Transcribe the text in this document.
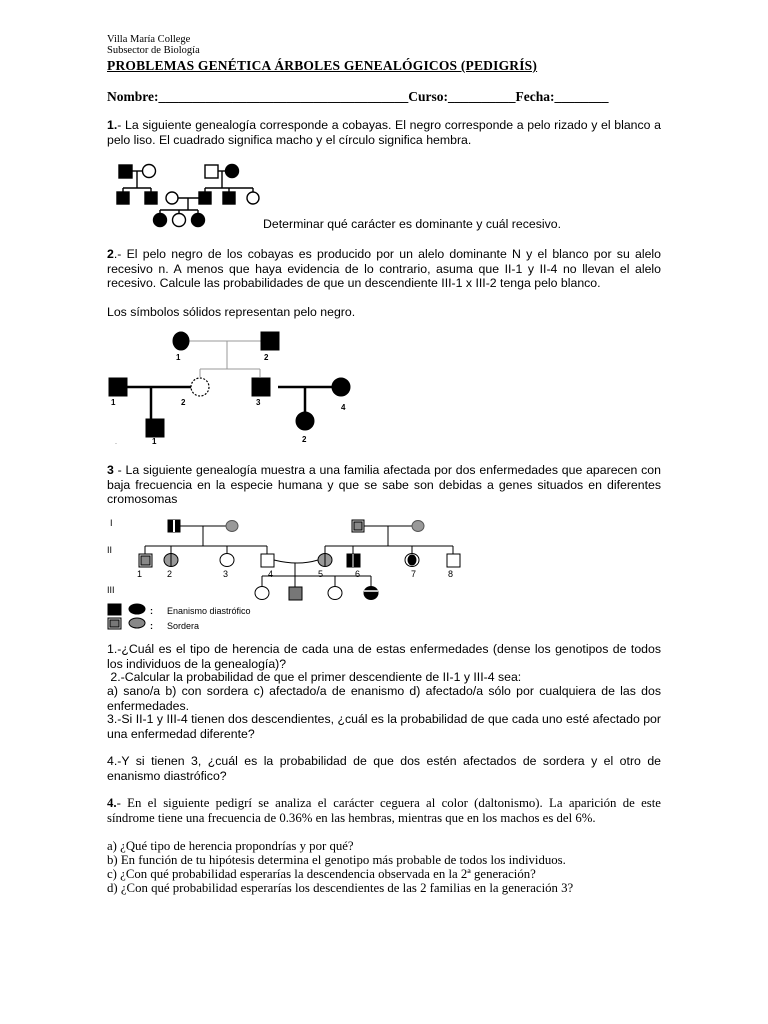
Villa María College
Subsector de Biología
PROBLEMAS GENÉTICA ÁRBOLES GENEALÓGICOS (PEDIGRÍS)
Nombre:_____________________________________Curso:__________Fecha:________
1.- La siguiente genealogía corresponde a cobayas. El negro corresponde a pelo rizado y el blanco a pelo liso. El cuadrado significa macho y el círculo significa hembra.
Determinar qué carácter es dominante y cuál recesivo.
2.- El pelo negro de los cobayas es producido por un alelo dominante N y el blanco por su alelo recesivo n. A menos que haya evidencia de lo contrario, asuma que II-1 y II-4 no llevan el alelo recesivo. Calcule las probabilidades de que un descendiente III-1 x III-2 tenga pelo blanco.
Los símbolos sólidos representan pelo negro.
1	2
1	2	3
4
1	2
·
3 - La siguiente genealogía muestra a una familia afectada por dos enfermedades que aparecen con baja frecuencia en la especie humana y que se sabe son debidas a genes situados en diferentes cromosomas
I
II
III
1	2	3	4	5	6	7	8
: Enanismo diastrófico
: Sordera
1.-¿Cuál es el tipo de herencia de cada una de estas enfermedades (dense los genotipos de todos los individuos de la genealogía)?
2.-Calcular la probabilidad de que el primer descendiente de II-1 y III-4 sea:
a) sano/a b) con sordera c) afectado/a de enanismo d) afectado/a sólo por cualquiera de las dos enfermedades.
3.-Si II-1 y III-4 tienen dos descendientes, ¿cuál es la probabilidad de que cada uno esté afectado por una enfermedad diferente?
4.-Y si tienen 3, ¿cuál es la probabilidad de que dos estén afectados de sordera y el otro de enanismo diastrófico?
4.- En el siguiente pedigrí se analiza el carácter ceguera al color (daltonismo). La aparición de este síndrome tiene una frecuencia de 0.36% en las hembras, mientras que en los machos es del 6%.
a) ¿Qué tipo de herencia propondrías y por qué?
b) En función de tu hipótesis determina el genotipo más probable de todos los individuos.
c) ¿Con qué probabilidad esperarías la descendencia observada en la 2ª generación?
d) ¿Con qué probabilidad esperarías los descendientes de las 2 familias en la generación 3?
